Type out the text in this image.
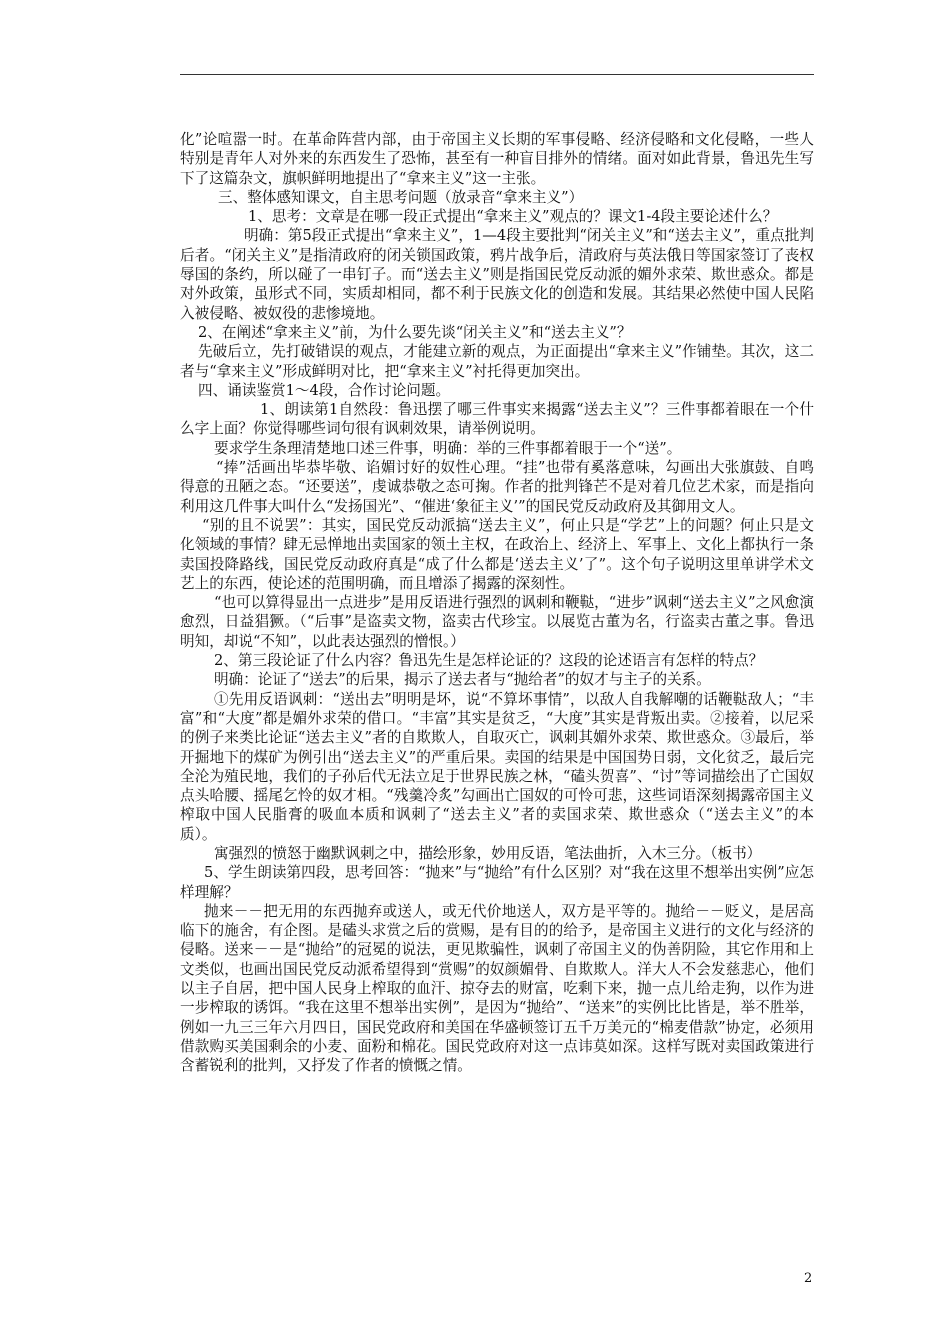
化”论喧嚣一时。在革命阵营内部，由于帝国主义长期的军事侵略、经济侵略和文化侵略，一些人特别是青年人对外来的东西发生了恐怖，甚至有一种盲目排外的情绪。面对如此背景，鲁迅先生写下了这篇杂文，旗帜鲜明地提出了“拿来主义”这一主张。

三、整体感知课文，自主思考问题（放录音“拿来主义”）

1、思考：文章是在哪一段正式提出“拿来主义”观点的？课文1-4段主要论述什么？

明确：第5段正式提出“拿来主义”，1—4段主要批判“闭关主义”和“送去主义”，重点批判后者。“闭关主义”是指清政府的闭关锁国政策，鸦片战争后，清政府与英法俄日等国家签订了丧权辱国的条约，所以碰了一串钉子。而“送去主义”则是指国民党反动派的媚外求荣、欺世惑众。都是对外政策，虽形式不同，实质却相同，都不利于民族文化的创造和发展。其结果必然使中国人民陷入被侵略、被奴役的悲惨境地。

2、在阐述“拿来主义”前，为什么要先谈“闭关主义”和“送去主义”？

先破后立，先打破错误的观点，才能建立新的观点，为正面提出“拿来主义”作铺垫。其次，这二者与“拿来主义”形成鲜明对比，把“拿来主义”衬托得更加突出。

四、诵读鉴赏1～4段，合作讨论问题。

1、朗读第1自然段：鲁迅摆了哪三件事实来揭露“送去主义”？三件事都着眼在一个什么字上面？你觉得哪些词句很有讽刺效果，请举例说明。

要求学生条理清楚地口述三件事，明确：举的三件事都着眼于一个“送”。

“捧”活画出毕恭毕敬、谄媚讨好的奴性心理。“挂”也带有奚落意味，勾画出大张旗鼓、自鸣得意的丑陋之态。“还要送”，虔诚恭敬之态可掬。作者的批判锋芒不是对着几位艺术家，而是指向利用这几件事大叫什么“发扬国光”、“催进‘象征主义’”的国民党反动政府及其御用文人。

“别的且不说罢”：其实，国民党反动派搞“送去主义”，何止只是“学艺”上的问题？何止只是文化领域的事情？肆无忌惮地出卖国家的领土主权，在政治上、经济上、军事上、文化上都执行一条卖国投降路线，国民党反动政府真是“成了什么都是‘送去主义’了”。这个句子说明这里单讲学术文艺上的东西，使论述的范围明确，而且增添了揭露的深刻性。

“也可以算得显出一点进步”是用反语进行强烈的讽刺和鞭鞑，“进步”讽刺“送去主义”之风愈演愈烈，日益猖獗。（“后事”是盗卖文物，盗卖古代珍宝。以展览古董为名，行盗卖古董之事。鲁迅明知，却说“不知”，以此表达强烈的憎恨。）

2、第三段论证了什么内容？鲁迅先生是怎样论证的？这段的论述语言有怎样的特点？

明确：论证了“送去”的后果，揭示了送去者与“抛给者”的奴才与主子的关系。

①先用反语讽刺：“送出去”明明是坏，说“不算坏事情”，以敌人自我解嘲的话鞭鞑敌人；“丰富”和“大度”都是媚外求荣的借口。“丰富”其实是贫乏，“大度”其实是背叛出卖。②接着，以尼采的例子来类比论证“送去主义”者的自欺欺人，自取灭亡，讽刺其媚外求荣、欺世惑众。③最后，举开掘地下的煤矿为例引出“送去主义”的严重后果。卖国的结果是中国国势日弱，文化贫乏，最后完全沦为殖民地，我们的子孙后代无法立足于世界民族之林，“磕头贺喜”、“讨”等词描绘出了亡国奴点头哈腰、摇尾乞怜的奴才相。“残羹冷炙”勾画出亡国奴的可怜可悲，这些词语深刻揭露帝国主义榨取中国人民脂膏的吸血本质和讽刺了“送去主义”者的卖国求荣、欺世惑众（“送去主义”的本质）。

寓强烈的愤怒于幽默讽刺之中，描绘形象，妙用反语，笔法曲折，入木三分。（板书）

5、学生朗读第四段，思考回答：“抛来”与“抛给”有什么区别？对“我在这里不想举出实例”应怎样理解？

抛来－－把无用的东西抛弃或送人，或无代价地送人，双方是平等的。抛给－－贬义，是居高临下的施舍，有企图。是磕头求赏之后的赏赐，是有目的的给予，是帝国主义进行的文化与经济的侵略。送来－－是“抛给”的冠冕的说法，更见欺骗性，讽刺了帝国主义的伪善阴险，其它作用和上文类似，也画出国民党反动派希望得到“赏赐”的奴颜媚骨、自欺欺人。洋大人不会发慈悲心，他们以主子自居，把中国人民身上榨取的血汗、掠夺去的财富，吃剩下来，抛一点儿给走狗，以作为进一步榨取的诱饵。“我在这里不想举出实例”，是因为“抛给”、“送来”的实例比比皆是，举不胜举，例如一九三三年六月四日，国民党政府和美国在华盛顿签订五千万美元的“棉麦借款”协定，必须用借款购买美国剩余的小麦、面粉和棉花。国民党政府对这一点讳莫如深。这样写既对卖国政策进行含蓄锐利的批判，又抒发了作者的愤慨之情。

2
